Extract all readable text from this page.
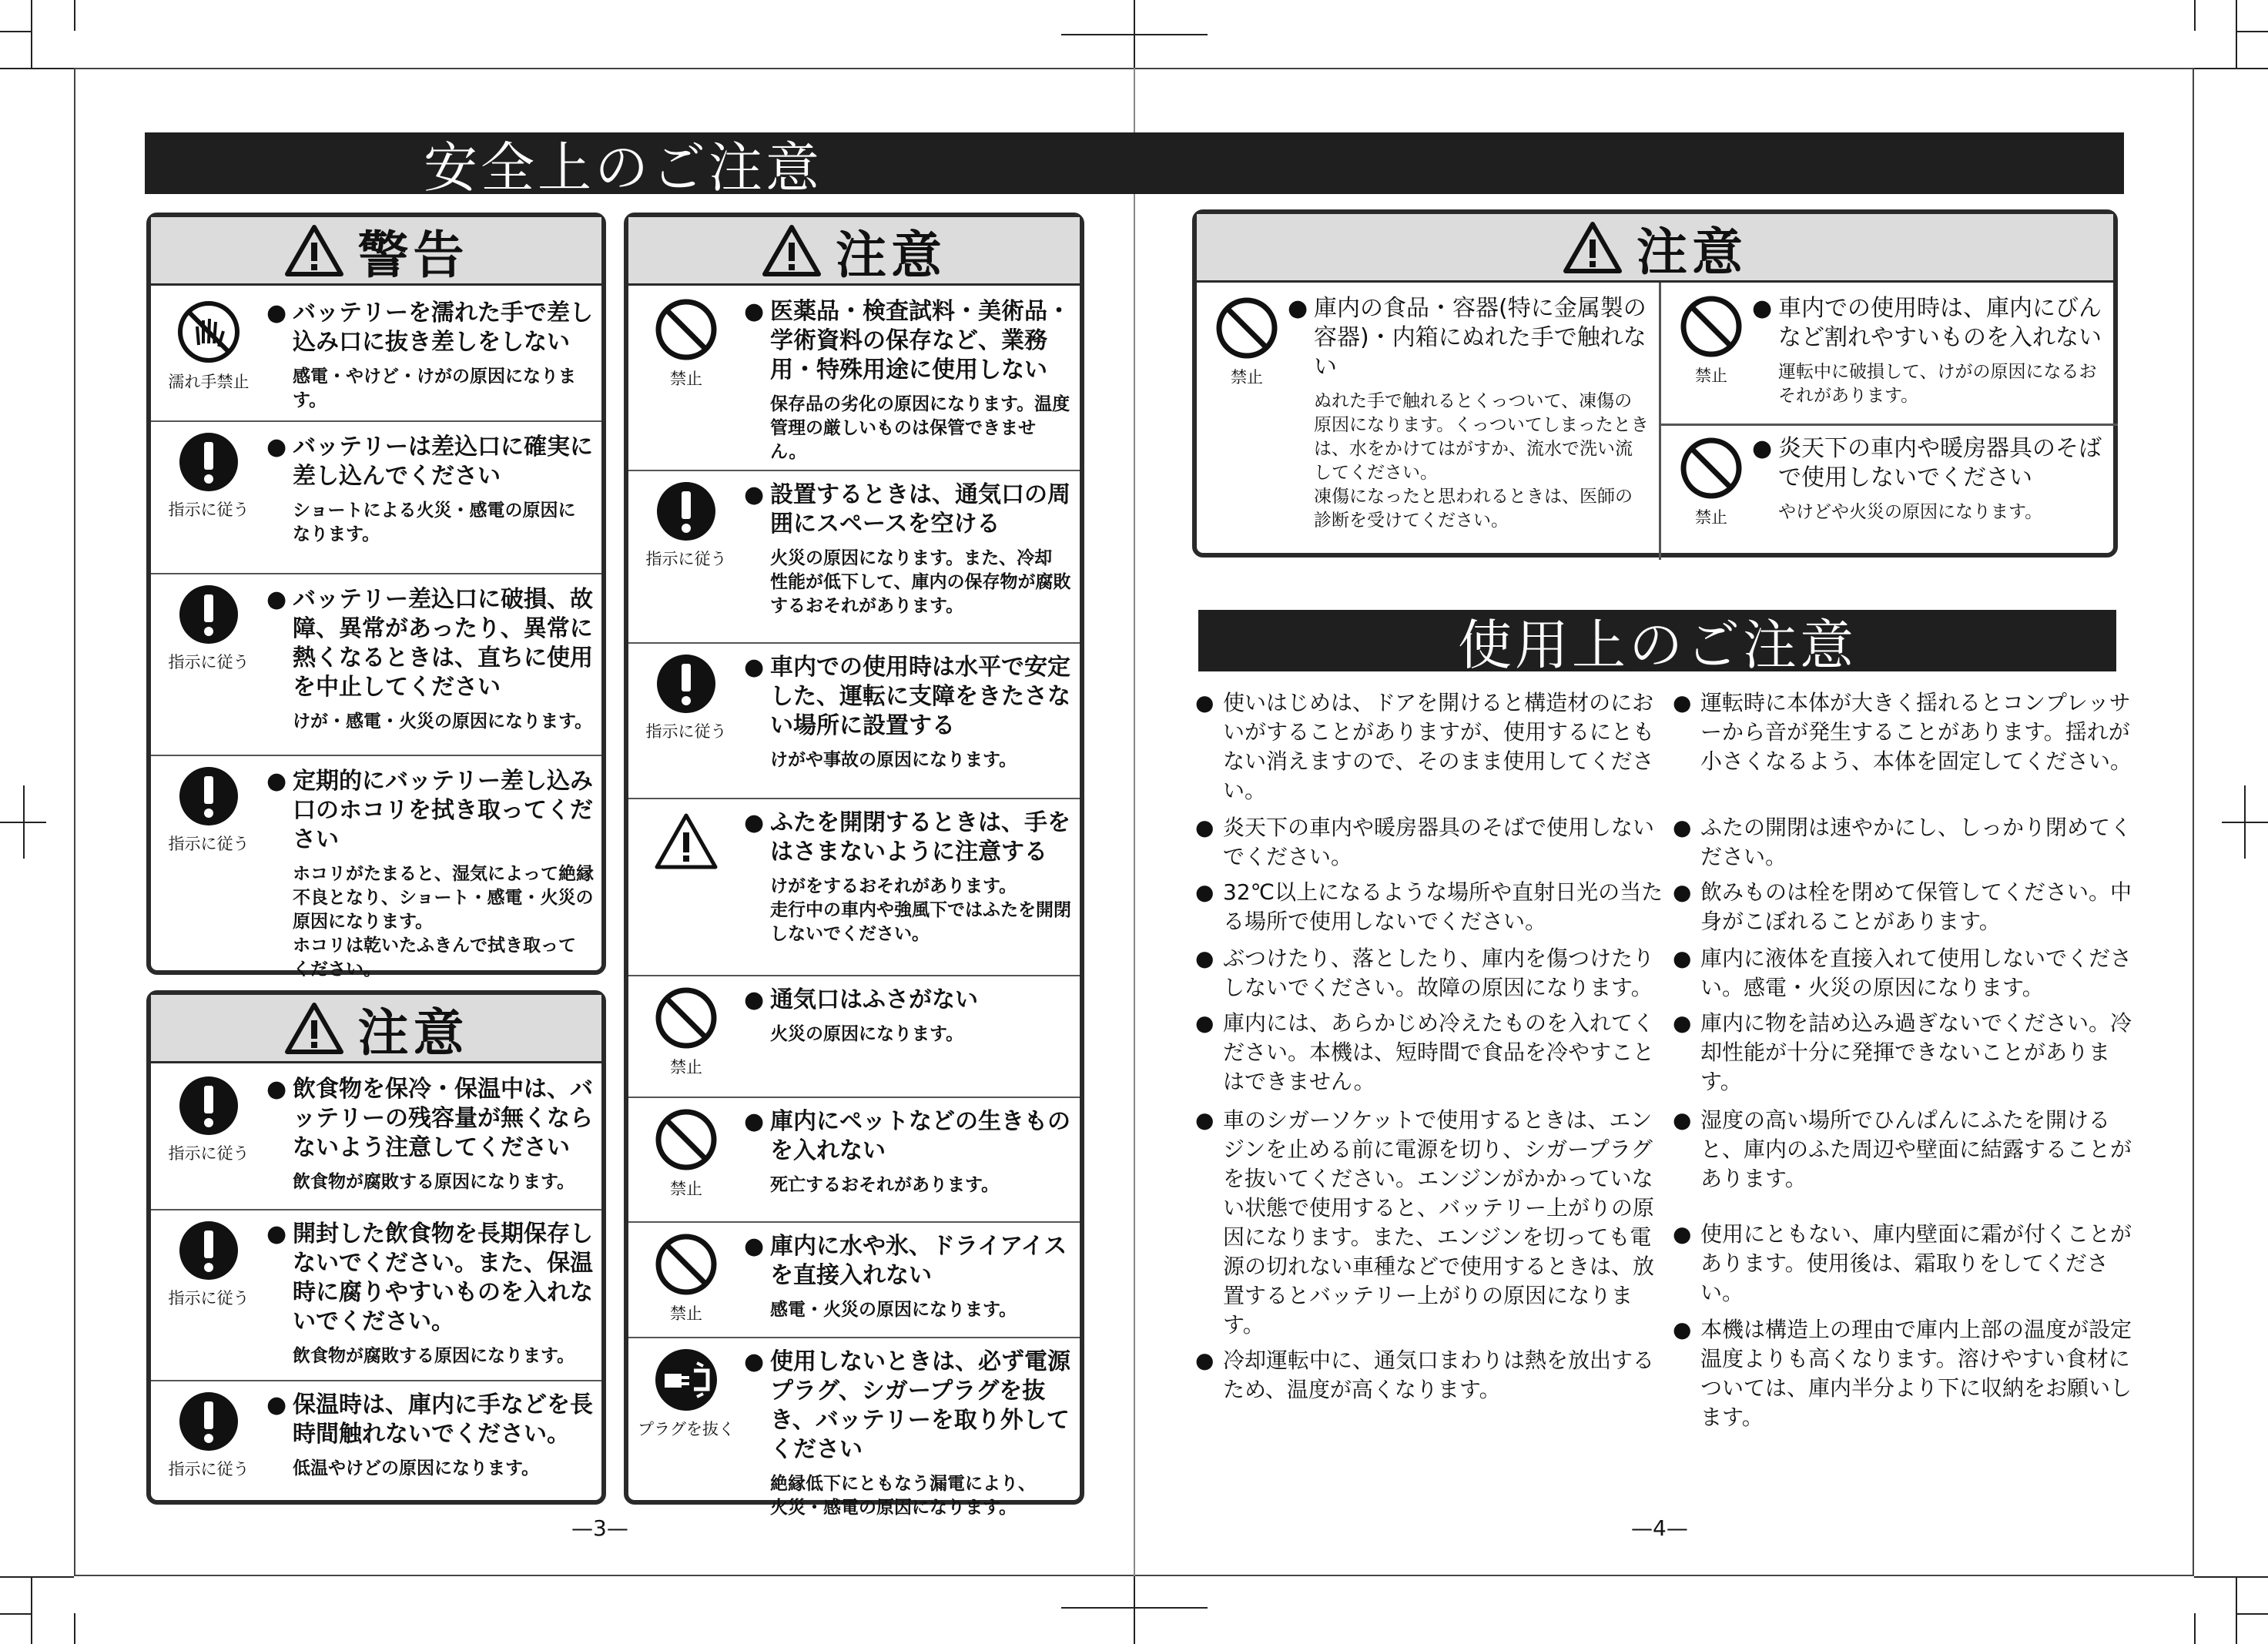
安全上のご注意
警告
濡れ手禁止
● バッテリーを濡れた手で差し込み口に抜き差しをしない
感電・やけど・けがの原因になります。
指示に従う
● バッテリーは差込口に確実に差し込んでください
ショートによる火災・感電の原因に
なります。
指示に従う
● バッテリー差込口に破損、故障、異常があったり、異常に熱くなるときは、直ちに使用を中止してください
けが・感電・火災の原因になります。
指示に従う
● 定期的にバッテリー差し込み口のホコリを拭き取ってください
ホコリがたまると、湿気によって絶縁
不良となり、ショート・感電・火災の
原因になります。
ホコリは乾いたふきんで拭き取って
ください。
注意
指示に従う
● 飲食物を保冷・保温中は、バッテリーの残容量が無くならないよう注意してください
飲食物が腐敗する原因になります。
指示に従う
● 開封した飲食物を長期保存しないでください。また、保温時に腐りやすいものを入れないでください。
飲食物が腐敗する原因になります。
指示に従う
● 保温時は、庫内に手などを長時間触れないでください。
低温やけどの原因になります。
注意
禁止
● 医薬品・検査試料・美術品・学術資料の保存など、業務用・特殊用途に使用しない
保存品の劣化の原因になります。温度
管理の厳しいものは保管できません。
指示に従う
● 設置するときは、通気口の周囲にスペースを空ける
火災の原因になります。また、冷却
性能が低下して、庫内の保存物が腐敗
するおそれがあります。
指示に従う
● 車内での使用時は水平で安定した、運転に支障をきたさない場所に設置する
けがや事故の原因になります。
● ふたを開閉するときは、手をはさまないように注意する
けがをするおそれがあります。
走行中の車内や強風下ではふたを開閉
しないでください。
禁止
● 通気口はふさがない
火災の原因になります。
禁止
● 庫内にペットなどの生きものを入れない
死亡するおそれがあります。
禁止
● 庫内に水や氷、ドライアイスを直接入れない
感電・火災の原因になります。
プラグを抜く
● 使用しないときは、必ず電源プラグ、シガープラグを抜き、バッテリーを取り外してください
絶縁低下にともなう漏電により、
火災・感電の原因になります。
—3—
注意
禁止
● 庫内の食品・容器(特に金属製の容器)・内箱にぬれた手で触れない
ぬれた手で触れるとくっついて、凍傷の
原因になります。くっついてしまったとき
は、水をかけてはがすか、流水で洗い流
してください。
凍傷になったと思われるときは、医師の
診断を受けてください。
禁止
● 車内での使用時は、庫内にびんなど割れやすいものを入れない
運転中に破損して、けがの原因になるお
それがあります。
禁止
● 炎天下の車内や暖房器具のそばで使用しないでください
やけどや火災の原因になります。
使用上のご注意
● 使いはじめは、ドアを開けると構造材のにおいがすることがありますが、使用するにともない消えますので、そのまま使用してください。
● 炎天下の車内や暖房器具のそばで使用しないでください。
● 32℃以上になるような場所や直射日光の当たる場所で使用しないでください。
● ぶつけたり、落としたり、庫内を傷つけたりしないでください。故障の原因になります。
● 庫内には、あらかじめ冷えたものを入れてください。本機は、短時間で食品を冷やすことはできません。
● 車のシガーソケットで使用するときは、エンジンを止める前に電源を切り、シガープラグを抜いてください。エンジンがかかっていない状態で使用すると、バッテリー上がりの原因になります。また、エンジンを切っても電源の切れない車種などで使用するときは、放置するとバッテリー上がりの原因になります。
● 冷却運転中に、通気口まわりは熱を放出するため、温度が高くなります。
● 運転時に本体が大きく揺れるとコンプレッサーから音が発生することがあります。揺れが小さくなるよう、本体を固定してください。
● ふたの開閉は速やかにし、しっかり閉めてください。
● 飲みものは栓を閉めて保管してください。中身がこぼれることがあります。
● 庫内に液体を直接入れて使用しないでください。感電・火災の原因になります。
● 庫内に物を詰め込み過ぎないでください。冷却性能が十分に発揮できないことがあります。
● 湿度の高い場所でひんぱんにふたを開けると、庫内のふた周辺や壁面に結露することがあります。
● 使用にともない、庫内壁面に霜が付くことがあります。使用後は、霜取りをしてください。
● 本機は構造上の理由で庫内上部の温度が設定温度よりも高くなります。溶けやすい食材については、庫内半分より下に収納をお願いします。
—4—
